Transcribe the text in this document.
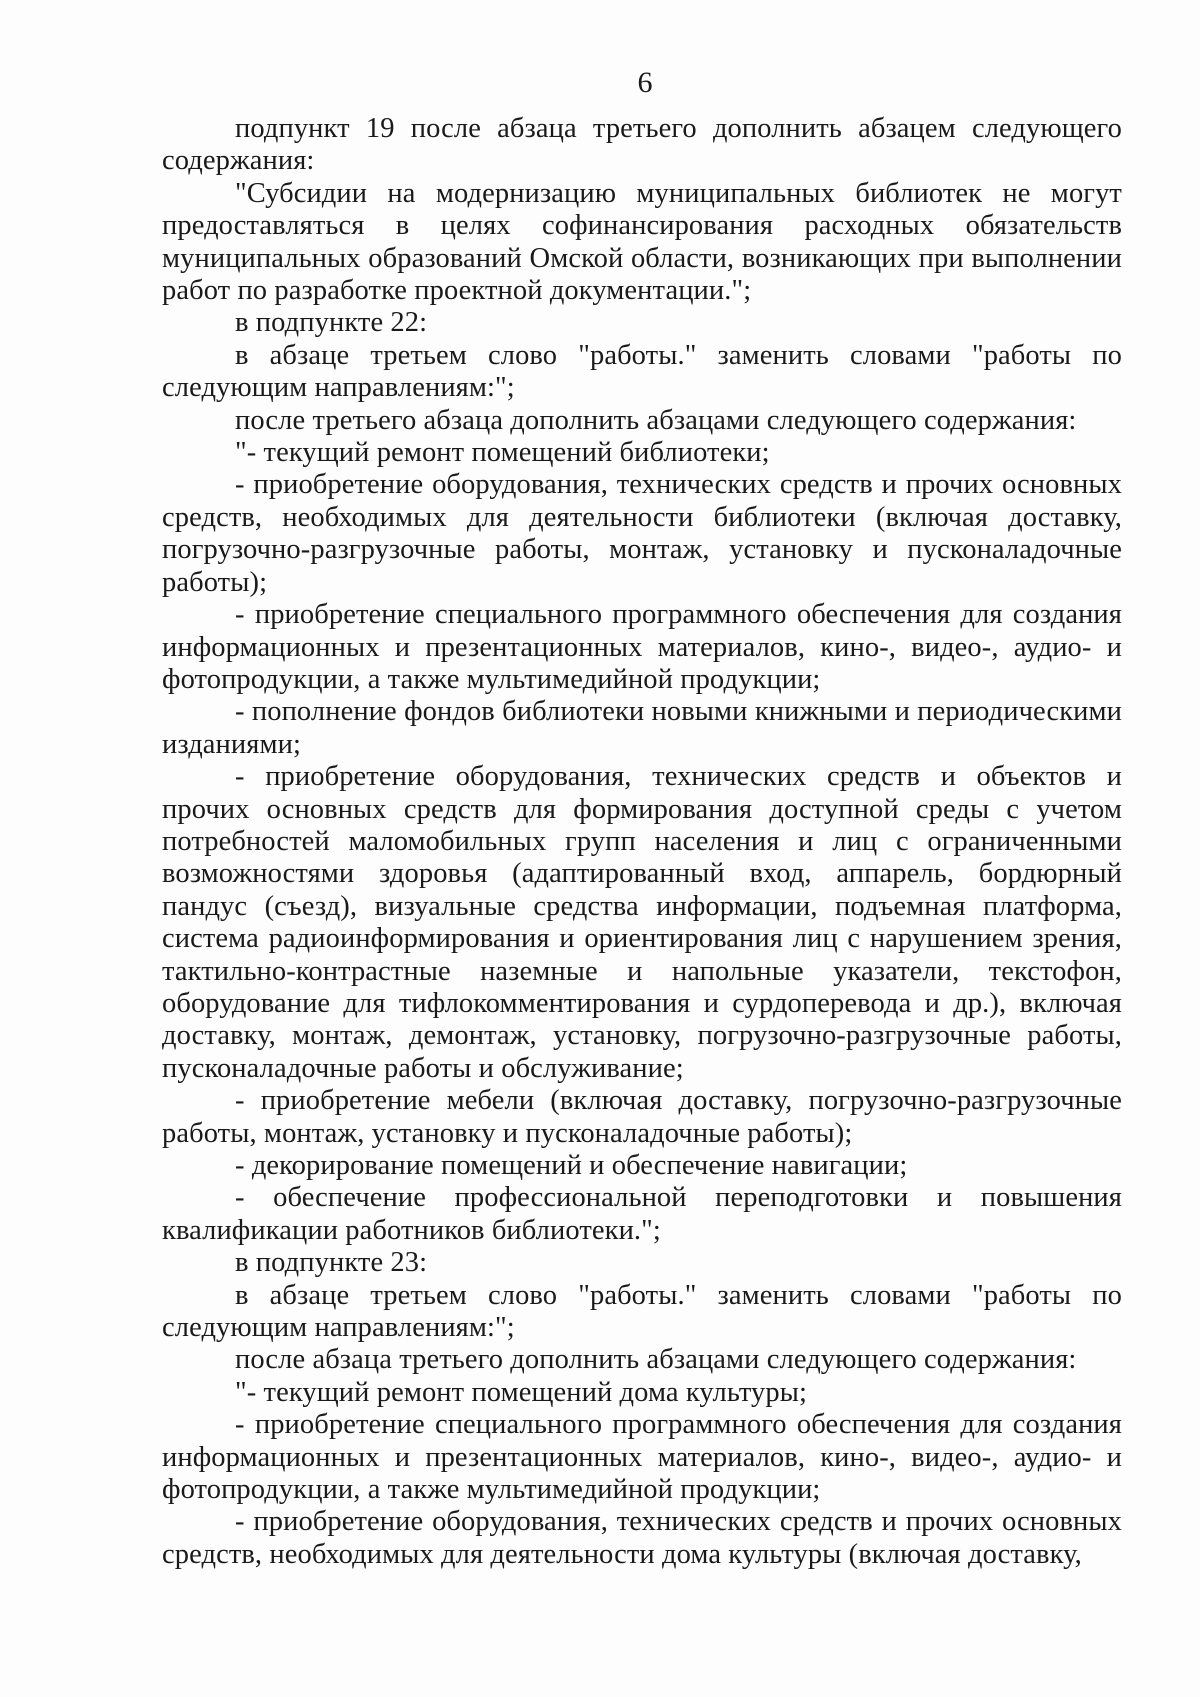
6

подпункт 19 после абзаца третьего дополнить абзацем следующего содержания:

"Субсидии на модернизацию муниципальных библиотек не могут предоставляться в целях софинансирования расходных обязательств муниципальных образований Омской области, возникающих при выполнении работ по разработке проектной документации.";

в подпункте 22:

в абзаце третьем слово "работы." заменить словами "работы по следующим направлениям:";

после третьего абзаца дополнить абзацами следующего содержания:

"- текущий ремонт помещений библиотеки;

- приобретение оборудования, технических средств и прочих основных средств, необходимых для деятельности библиотеки (включая доставку, погрузочно-разгрузочные работы, монтаж, установку и пусконаладочные работы);

- приобретение специального программного обеспечения для создания информационных и презентационных материалов, кино-, видео-, аудио- и фотопродукции, а также мультимедийной продукции;

- пополнение фондов библиотеки новыми книжными и периодическими изданиями;

- приобретение оборудования, технических средств и объектов и прочих основных средств для формирования доступной среды с учетом потребностей маломобильных групп населения и лиц с ограниченными возможностями здоровья (адаптированный вход, аппарель, бордюрный пандус (съезд), визуальные средства информации, подъемная платформа, система радиоинформирования и ориентирования лиц с нарушением зрения, тактильно-контрастные наземные и напольные указатели, текстофон, оборудование для тифлокомментирования и сурдоперевода и др.), включая доставку, монтаж, демонтаж, установку, погрузочно-разгрузочные работы, пусконаладочные работы и обслуживание;

- приобретение мебели (включая доставку, погрузочно-разгрузочные работы, монтаж, установку и пусконаладочные работы);

- декорирование помещений и обеспечение навигации;

- обеспечение профессиональной переподготовки и повышения квалификации работников библиотеки.";

в подпункте 23:

в абзаце третьем слово "работы." заменить словами "работы по следующим направлениям:";

после абзаца третьего дополнить абзацами следующего содержания:

"- текущий ремонт помещений дома культуры;

- приобретение специального программного обеспечения для создания информационных и презентационных материалов, кино-, видео-, аудио- и фотопродукции, а также мультимедийной продукции;

- приобретение оборудования, технических средств и прочих основных средств, необходимых для деятельности дома культуры (включая доставку,
